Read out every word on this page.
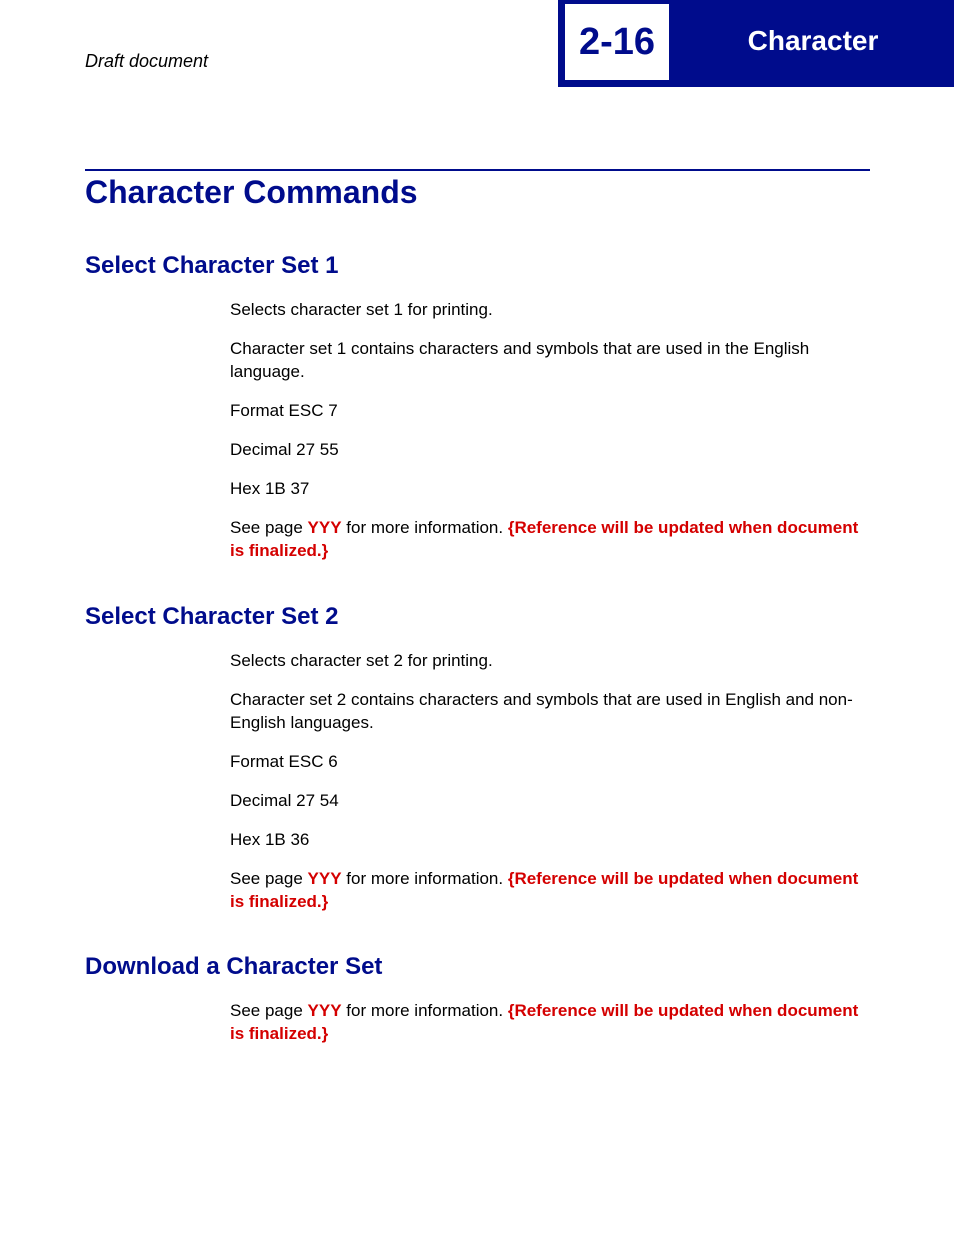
Draft document	2-16	Character
Character Commands
Select Character Set 1
Selects character set 1 for printing.
Character set 1 contains characters and symbols that are used in the English language.
Format ESC 7
Decimal 27 55
Hex 1B 37
See page YYY for more information. {Reference will be updated when document is finalized.}
Select Character Set 2
Selects character set 2 for printing.
Character set 2 contains characters and symbols that are used in English and non-English languages.
Format ESC 6
Decimal 27 54
Hex 1B 36
See page YYY for more information. {Reference will be updated when document is finalized.}
Download a Character Set
See page YYY for more information. {Reference will be updated when document is finalized.}
